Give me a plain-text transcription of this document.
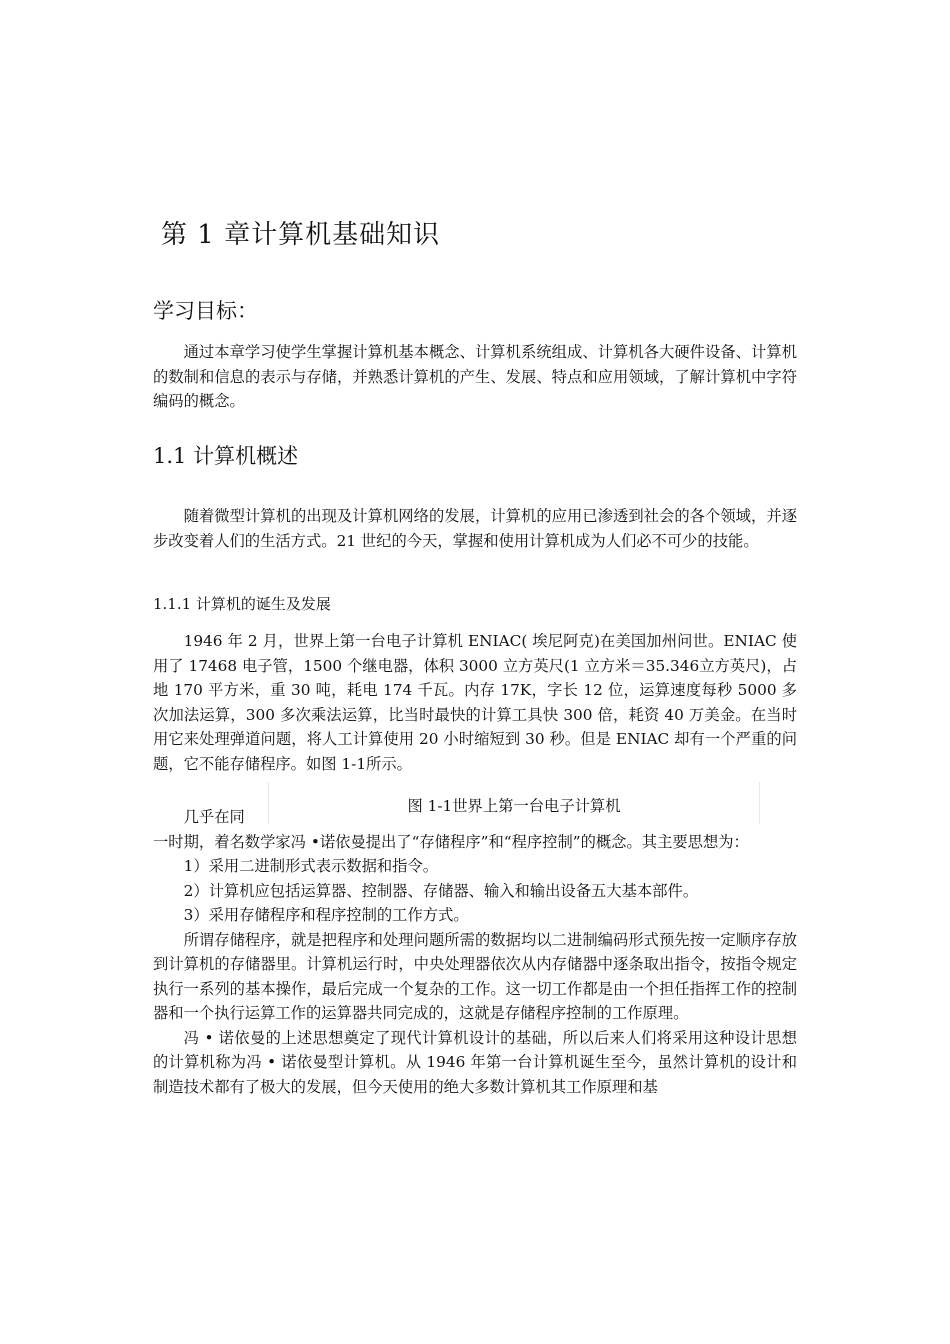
第 1 章计算机基础知识
学习目标：

通过本章学习使学生掌握计算机基本概念、计算机系统组成、计算机各大硬件设备、计算机的数制和信息的表示与存储，并熟悉计算机的产生、发展、特点和应用领域，了解计算机中字符编码的概念。

1.1 计算机概述

随着微型计算机的出现及计算机网络的发展，计算机的应用已渗透到社会的各个领域，并逐步改变着人们的生活方式。21 世纪的今天，掌握和使用计算机成为人们必不可少的技能。

1.1.1 计算机的诞生及发展

1946 年 2 月，世界上第一台电子计算机 ENIAC( 埃尼阿克)在美国加州问世。ENIAC 使用了 17468 电子管，1500 个继电器，体积 3000 立方英尺(1 立方米＝35.346立方英尺)，占地 170 平方米，重 30 吨，耗电 174 千瓦。内存 17K，字长 12 位，运算速度每秒 5000 多次加法运算，300 多次乘法运算，比当时最快的计算工具快 300 倍，耗资 40 万美金。在当时用它来处理弹道问题，将人工计算使用 20 小时缩短到 30 秒。但是 ENIAC 却有一个严重的问题，它不能存储程序。如图 1-1所示。

图 1-1世界上第一台电子计算机
几乎在同
一时期，着名数学家冯 •诺依曼提出了“存储程序”和“程序控制”的概念。其主要思想为：
1）采用二进制形式表示数据和指令。
2）计算机应包括运算器、控制器、存储器、输入和输出设备五大基本部件。
3）采用存储程序和程序控制的工作方式。
所谓存储程序，就是把程序和处理问题所需的数据均以二进制编码形式预先按一定顺序存放到计算机的存储器里。计算机运行时，中央处理器依次从内存储器中逐条取出指令，按指令规定执行一系列的基本操作，最后完成一个复杂的工作。这一切工作都是由一个担任指挥工作的控制器和一个执行运算工作的运算器共同完成的，这就是存储程序控制的工作原理。
冯 • 诺依曼的上述思想奠定了现代计算机设计的基础，所以后来人们将采用这种设计思想的计算机称为冯 • 诺依曼型计算机。从 1946 年第一台计算机诞生至今，虽然计算机的设计和制造技术都有了极大的发展，但今天使用的绝大多数计算机其工作原理和基
